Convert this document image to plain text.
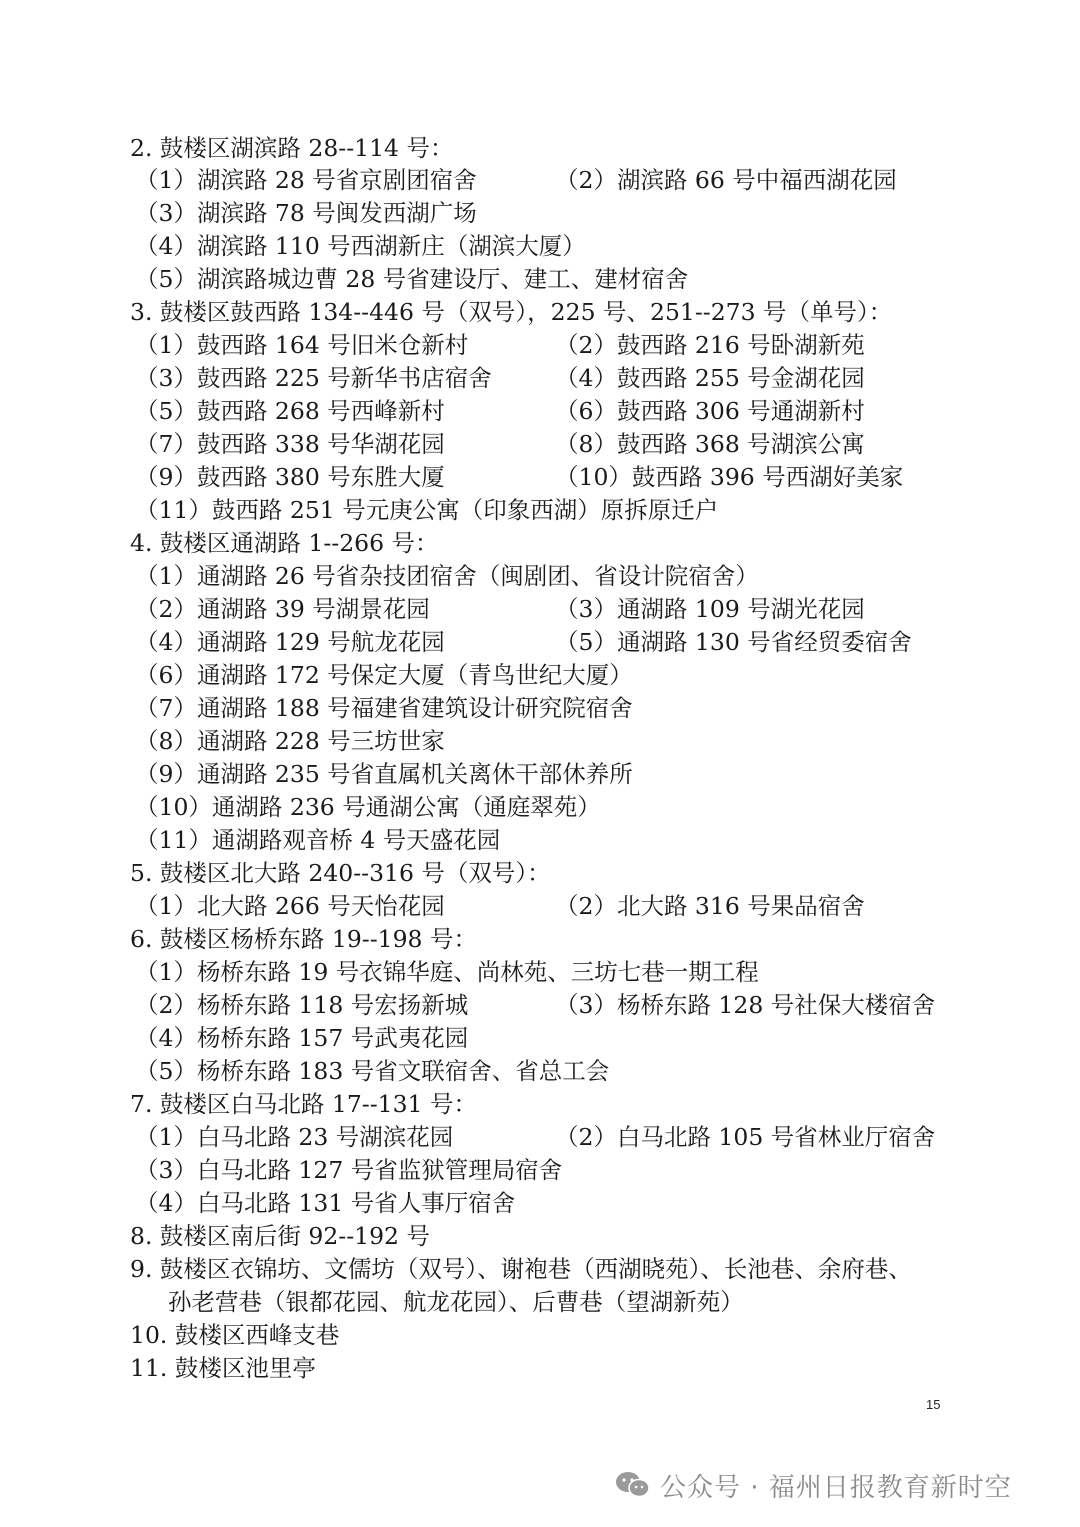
2. 鼓楼区湖滨路 28--114 号：
（1）湖滨路 28 号省京剧团宿舍	（2）湖滨路 66 号中福西湖花园
（3）湖滨路 78 号闽发西湖广场
（4）湖滨路 110 号西湖新庄（湖滨大厦）
（5）湖滨路城边曹 28 号省建设厅、建工、建材宿舍
3. 鼓楼区鼓西路 134--446 号（双号），225 号、251--273 号（单号）：
（1）鼓西路 164 号旧米仓新村	（2）鼓西路 216 号卧湖新苑
（3）鼓西路 225 号新华书店宿舍	（4）鼓西路 255 号金湖花园
（5）鼓西路 268 号西峰新村	（6）鼓西路 306 号通湖新村
（7）鼓西路 338 号华湖花园	（8）鼓西路 368 号湖滨公寓
（9）鼓西路 380 号东胜大厦	（10）鼓西路 396 号西湖好美家
（11）鼓西路 251 号元庚公寓（印象西湖）原拆原迁户
4. 鼓楼区通湖路 1--266 号：
（1）通湖路 26 号省杂技团宿舍（闽剧团、省设计院宿舍）
（2）通湖路 39 号湖景花园	（3）通湖路 109 号湖光花园
（4）通湖路 129 号航龙花园	（5）通湖路 130 号省经贸委宿舍
（6）通湖路 172 号保定大厦（青鸟世纪大厦）
（7）通湖路 188 号福建省建筑设计研究院宿舍
（8）通湖路 228 号三坊世家
（9）通湖路 235 号省直属机关离休干部休养所
（10）通湖路 236 号通湖公寓（通庭翠苑）
（11）通湖路观音桥 4 号天盛花园
5. 鼓楼区北大路 240--316 号（双号）：
（1）北大路 266 号天怡花园	（2）北大路 316 号果品宿舍
6. 鼓楼区杨桥东路 19--198 号：
（1）杨桥东路 19 号衣锦华庭、尚林苑、三坊七巷一期工程
（2）杨桥东路 118 号宏扬新城	（3）杨桥东路 128 号社保大楼宿舍
（4）杨桥东路 157 号武夷花园
（5）杨桥东路 183 号省文联宿舍、省总工会
7. 鼓楼区白马北路 17--131 号：
（1）白马北路 23 号湖滨花园	（2）白马北路 105 号省林业厅宿舍
（3）白马北路 127 号省监狱管理局宿舍
（4）白马北路 131 号省人事厅宿舍
8. 鼓楼区南后街 92--192 号
9. 鼓楼区衣锦坊、文儒坊（双号）、谢袍巷（西湖晓苑）、长池巷、余府巷、
孙老营巷（银都花园、航龙花园）、后曹巷（望湖新苑）
10. 鼓楼区西峰支巷
11. 鼓楼区池里亭
15
公众号 · 福州日报教育新时空
